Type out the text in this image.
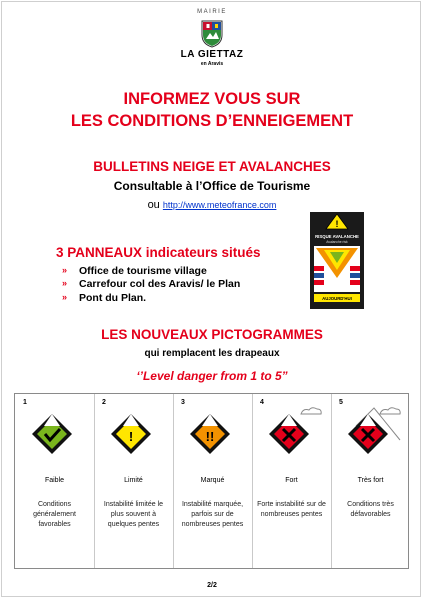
MAIRIE
LA GIETTAZ
en Aravis
INFORMEZ VOUS SUR
LES CONDITIONS D’ENNEIGEMENT
BULLETINS NEIGE ET AVALANCHES
Consultable à l’Office de Tourisme
ou http://www.meteofrance.com
3 PANNEAUX indicateurs situés
» Office de tourisme village
» Carrefour col des Aravis/ le Plan
» Pont du Plan.
!
RISQUE AVALANCHE
Avalanche risk
AUJOURD'HUI
LES NOUVEAUX PICTOGRAMMES
qui remplacent les drapeaux
‘’Level danger from 1 to 5”
1
Faible
Conditions généralement favorables
!
2
Limité
Instabilité limitée le plus souvent à quelques pentes
!!
3
Marqué
Instabilité marquée, parfois sur de nombreuses pentes
4
Fort
Forte instabilité sur de nombreuses pentes
5
Très fort
Conditions très défavorables
2/2
